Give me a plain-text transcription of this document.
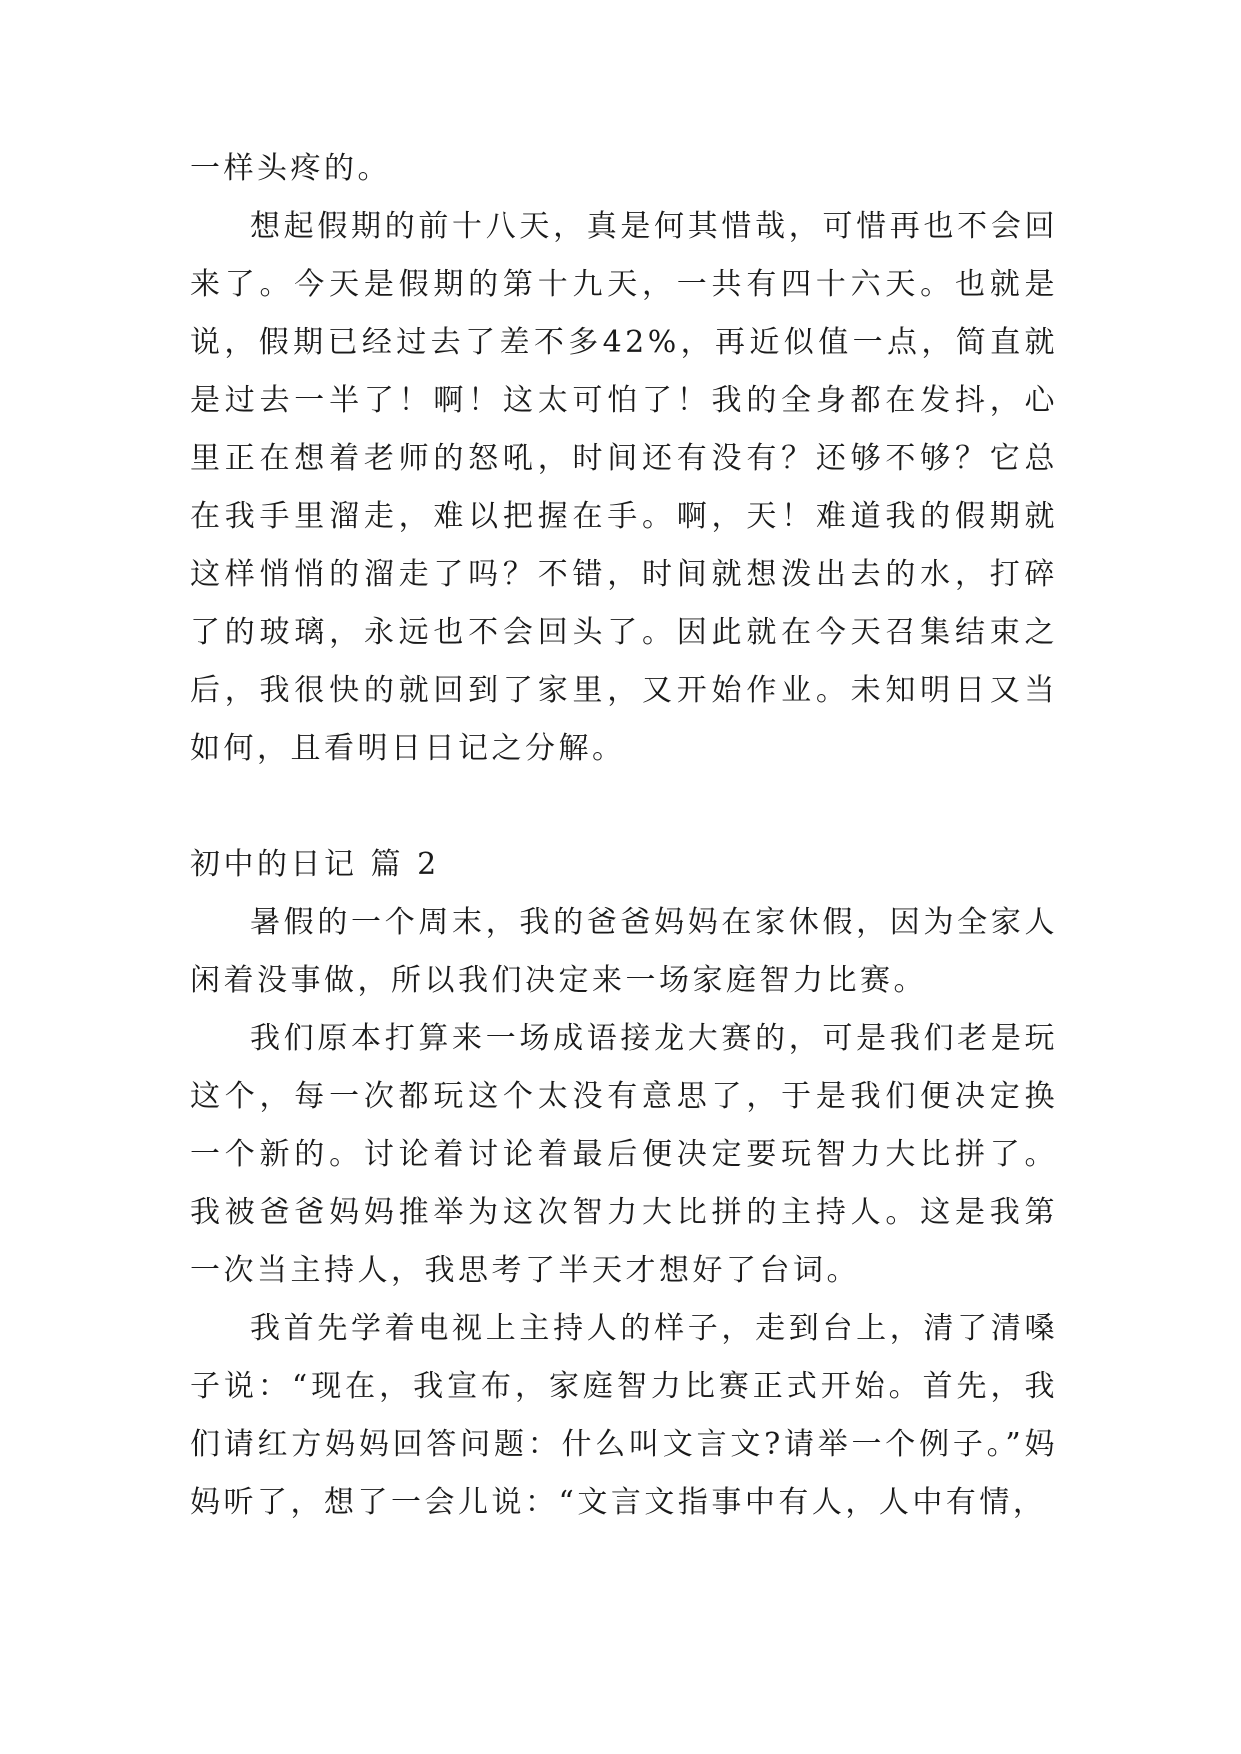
一样头疼的。

想起假期的前十八天，真是何其惜哉，可惜再也不会回来了。今天是假期的第十九天，一共有四十六天。也就是说，假期已经过去了差不多42%，再近似值一点，简直就是过去一半了！啊！这太可怕了！我的全身都在发抖，心里正在想着老师的怒吼，时间还有没有？还够不够？它总在我手里溜走，难以把握在手。啊，天！难道我的假期就这样悄悄的溜走了吗？不错，时间就想泼出去的水，打碎了的玻璃，永远也不会回头了。因此就在今天召集结束之后，我很快的就回到了家里，又开始作业。未知明日又当如何，且看明日日记之分解。

初中的日记 篇 2

暑假的一个周末，我的爸爸妈妈在家休假，因为全家人闲着没事做，所以我们决定来一场家庭智力比赛。

我们原本打算来一场成语接龙大赛的，可是我们老是玩这个，每一次都玩这个太没有意思了，于是我们便决定换一个新的。讨论着讨论着最后便决定要玩智力大比拼了。我被爸爸妈妈推举为这次智力大比拼的主持人。这是我第一次当主持人，我思考了半天才想好了台词。

我首先学着电视上主持人的样子，走到台上，清了清嗓子说：“现在，我宣布，家庭智力比赛正式开始。首先，我们请红方妈妈回答问题：什么叫文言文?请举一个例子。”妈妈听了，想了一会儿说：“文言文指事中有人，人中有情，
